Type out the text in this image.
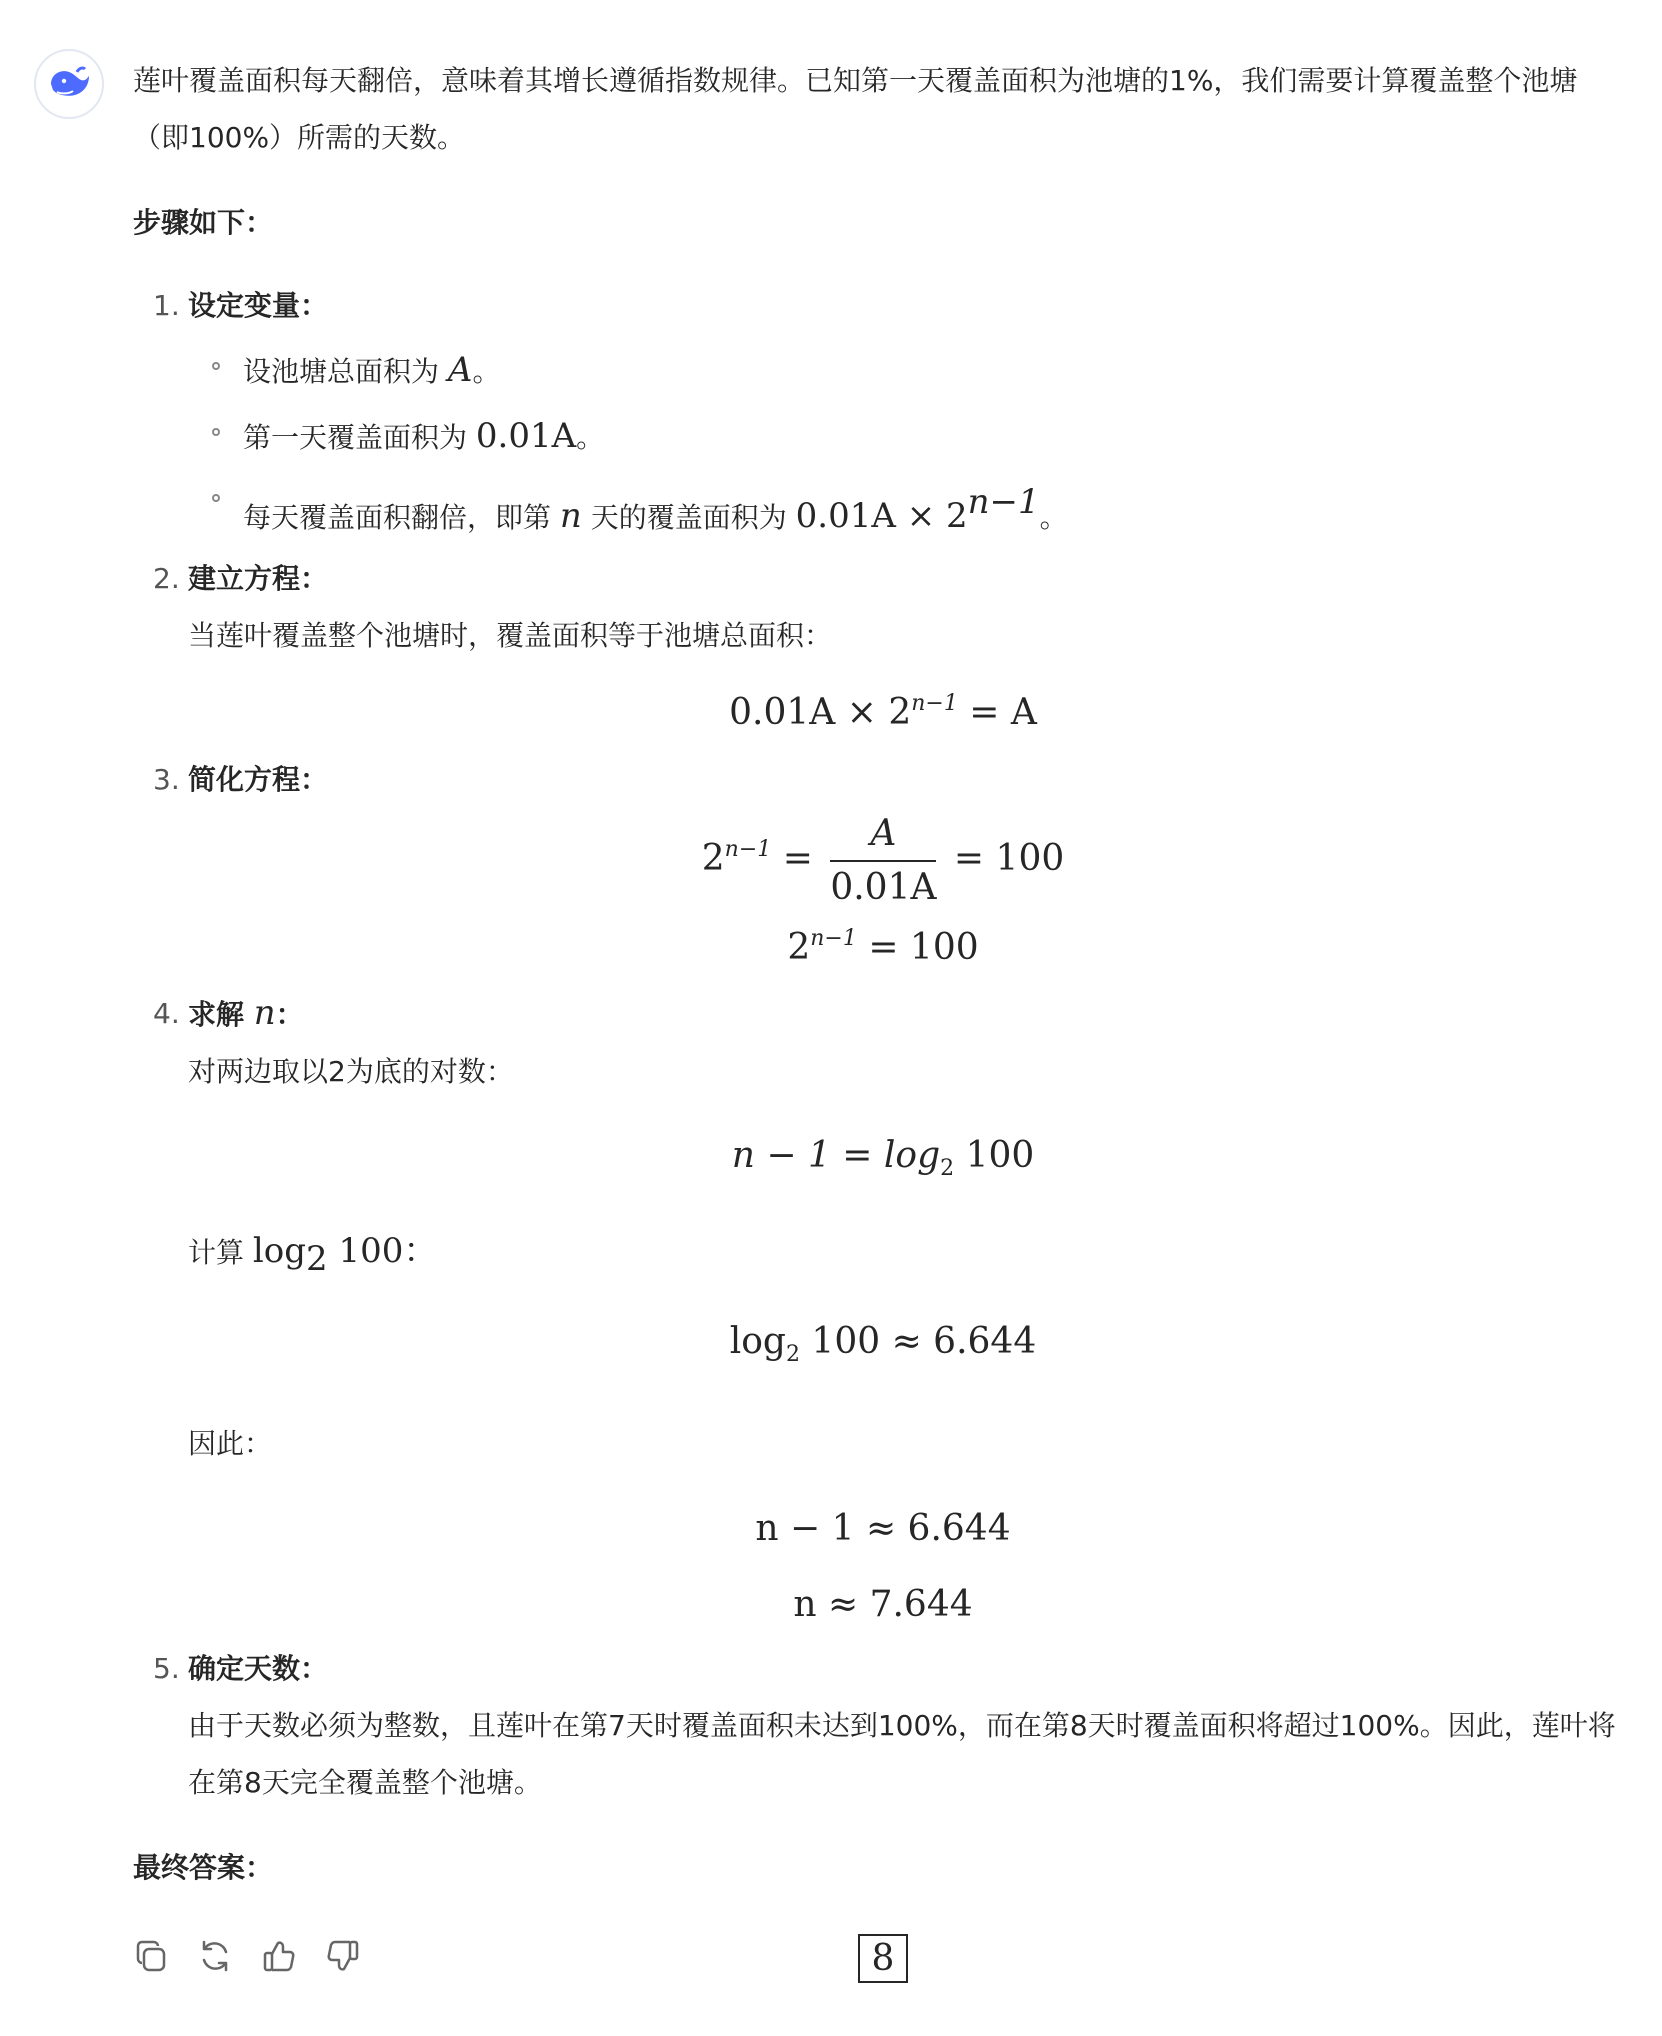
莲叶覆盖面积每天翻倍，意味着其增长遵循指数规律。已知第一天覆盖面积为池塘的1%，我们需要计算覆盖整个池塘（即100%）所需的天数。

步骤如下：

1. 设定变量：
设池塘总面积为 A。
第一天覆盖面积为 0.01A。
每天覆盖面积翻倍，即第 n 天的覆盖面积为 $0.01A \times 2^{n-1}$。
2. 建立方程：
当莲叶覆盖整个池塘时，覆盖面积等于池塘总面积：
$0.01A \times 2^{n-1} = A$
3. 简化方程：
$2^{n-1} = \frac{A}{0.01A} = 100$
$2^{n-1} = 100$
4. 求解 n：
对两边取以2为底的对数：
$n - 1 = \log_2 100$
计算 $\log_2 100$：
$\log_2 100 \approx 6.644$
因此：
n − 1 ≈ 6.644
n ≈ 7.644
5. 确定天数：
由于天数必须为整数，且莲叶在第7天时覆盖面积未达到100%，而在第8天时覆盖面积将超过100%。因此，莲叶将在第8天完全覆盖整个池塘。

最终答案：

8
